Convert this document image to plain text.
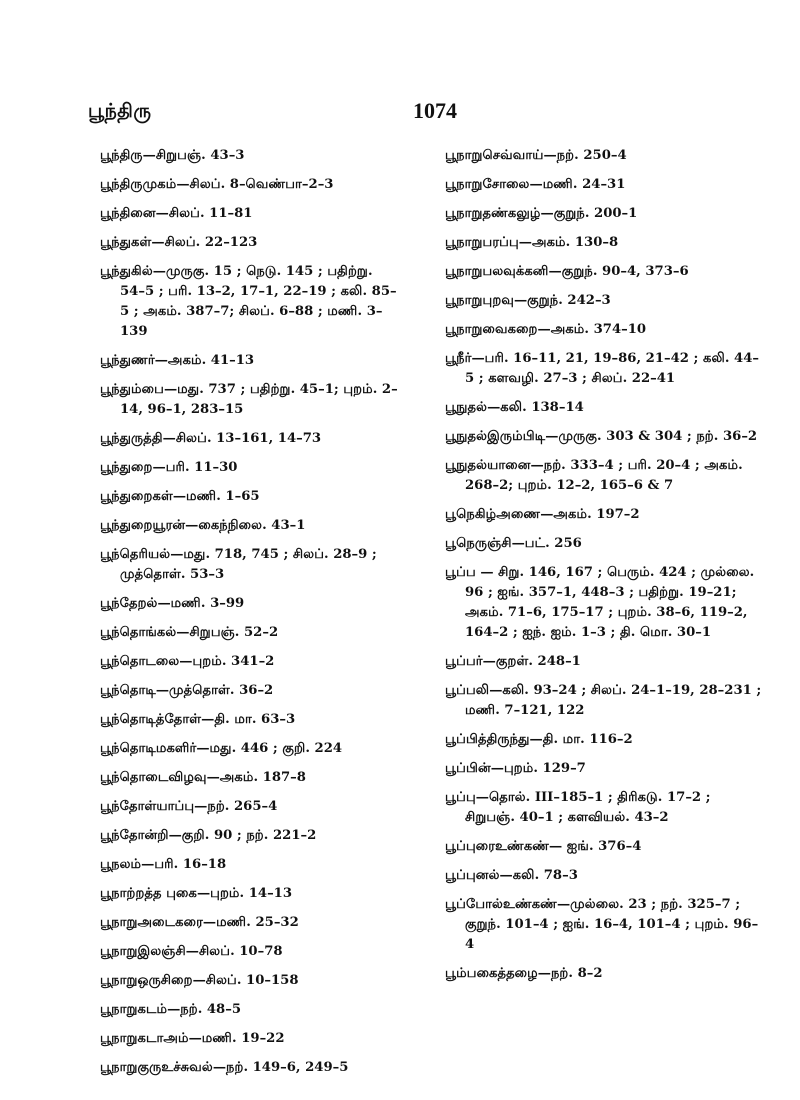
பூந்திரு	1074
பூந்திரு—சிறுபஞ். 43–3
பூந்திருமுகம்—சிலப். 8–வெண்பா–2–3
பூந்தினை—சிலப். 11–81
பூந்துகள்—சிலப். 22–123
பூந்துகில்—முருகு. 15 ; நெடு. 145 ; பதிற்று. 54–5 ; பரி. 13–2, 17–1, 22–19 ; கலி. 85–5 ; அகம். 387–7; சிலப். 6–88 ; மணி. 3–139
பூந்துணர்—அகம். 41–13
பூந்தும்பை—மது. 737 ; பதிற்று. 45–1; புறம். 2–14, 96–1, 283–15
பூந்துருத்தி—சிலப். 13–161, 14–73
பூந்துறை—பரி. 11–30
பூந்துறைகள்—மணி. 1–65
பூந்துறையூரன்—கைந்நிலை. 43–1
பூந்தெரியல்—மது. 718, 745 ; சிலப். 28–9 ; முத்தொள். 53–3
பூந்தேறல்—மணி. 3–99
பூந்தொங்கல்—சிறுபஞ். 52–2
பூந்தொடலை—புறம். 341–2
பூந்தொடி—முத்தொள். 36–2
பூந்தொடித்தோள்—தி. மா. 63–3
பூந்தொடிமகளிர்—மது. 446 ; குறி. 224
பூந்தொடைவிழவு—அகம். 187–8
பூந்தோள்யாப்பு—நற். 265–4
பூந்தோன்றி—குறி. 90 ; நற். 221–2
பூநலம்—பரி. 16–18
பூநாற்றத்த புகை—புறம். 14–13
பூநாறுஅடைகரை—மணி. 25–32
பூநாறுஇலஞ்சி—சிலப். 10–78
பூநாறுஒருசிறை—சிலப். 10–158
பூநாறுகடம்—நற். 48–5
பூநாறுகடாஅம்—மணி. 19–22
பூநாறுகுருஉச்சுவல்—நற். 149–6, 249–5
பூநாறுசெவ்வாய்—நற். 250–4
பூநாறுசோலை—மணி. 24–31
பூநாறுதண்கலுழ்—குறுந். 200–1
பூநாறுபரப்பு—அகம். 130–8
பூநாறுபலவுக்கனி—குறுந். 90–4, 373–6
பூநாறுபுறவு—குறுந். 242–3
பூநாறுவைகறை—அகம். 374–10
பூநீர்—பரி. 16–11, 21, 19–86, 21–42 ; கலி. 44–5 ; களவழி. 27–3 ; சிலப். 22–41
பூநுதல்—கலி. 138–14
பூநுதல்இரும்பிடி—முருகு. 303 & 304 ; நற். 36–2
பூநுதல்யானை—நற். 333–4 ; பரி. 20–4 ; அகம். 268–2; புறம். 12–2, 165–6 & 7
பூநெகிழ்அணை—அகம். 197–2
பூநெருஞ்சி—பட். 256
பூப்ப — சிறு. 146, 167 ; பெரும். 424 ; முல்லை. 96 ; ஐங். 357–1, 448–3 ; பதிற்று. 19–21; அகம். 71–6, 175–17 ; புறம். 38–6, 119–2, 164–2 ; ஐந். ஐம். 1–3 ; தி. மொ. 30–1
பூப்பர்—குறள். 248–1
பூப்பலி—கலி. 93–24 ; சிலப். 24–1–19, 28–231 ; மணி. 7–121, 122
பூப்பித்திருந்து—தி. மா. 116–2
பூப்பின்—புறம். 129–7
பூப்பு—தொல். III–185–1 ; திரிகடு. 17–2 ; சிறுபஞ். 40–1 ; களவியல். 43–2
பூப்புரைஉண்கண்— ஐங். 376–4
பூப்புனல்—கலி. 78–3
பூப்போல்உண்கண்—முல்லை. 23 ; நற். 325–7 ; குறுந். 101–4 ; ஐங். 16–4, 101–4 ; புறம். 96–4
பூம்பகைத்தழை—நற். 8–2
